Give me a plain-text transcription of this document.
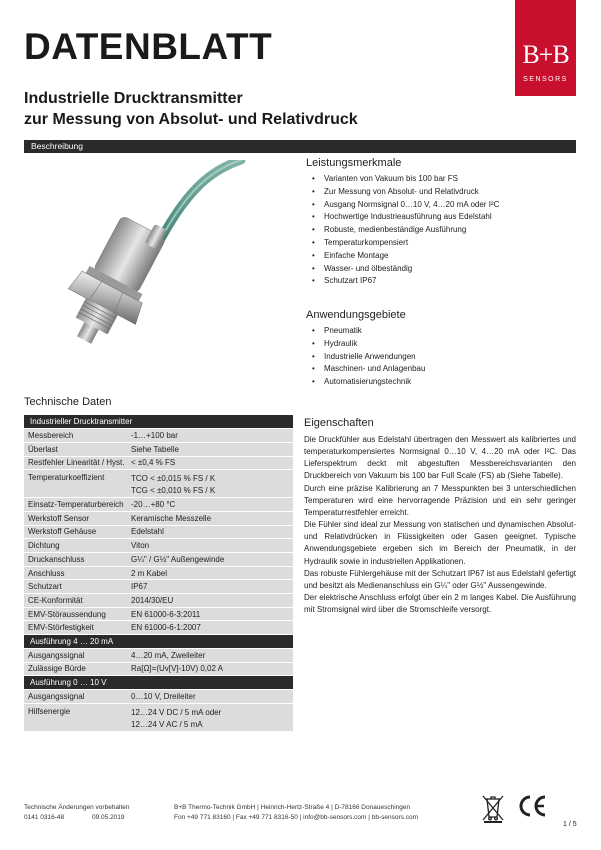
DATENBLATT	B+B
SENSORS
Industrielle Drucktransmitter
zur Messung von Absolut- und Relativdruck
Beschreibung
Leistungsmerkmale
• Varianten von Vakuum bis 100 bar FS
• Zur Messung von Absolut- und Relativdruck
• Ausgang Normsignal 0…10 V, 4…20 mA oder I²C
• Hochwertige Industrieausführung aus Edelstahl
• Robuste, medienbeständige Ausführung
• Temperaturkompensiert
• Einfache Montage
• Wasser- und ölbeständig
• Schutzart IP67
Anwendungsgebiete
• Pneumatik
• Hydraulik
• Industrielle Anwendungen
• Maschinen- und Anlagenbau
• Automatisierungstechnik
Technische Daten
Industrieller Drucktransmitter	
Messbereich	-1…+100 bar
Überlast	Siehe Tabelle
Restfehler Linearität / Hyst.	< ±0,4 % FS
Temperaturkoeffizient	TCO < ±0,015 % FS / K
TCG < ±0,010 % FS / K

Einsatz-Temperaturbereich	-20…+80 °C
Werkstoff Sensor	Keramische Messzelle
Werkstoff Gehäuse	Edelstahl
Dichtung	Viton
Druckanschluss	G¼" / G½" Außengewinde
Anschluss	2 m Kabel
Schutzart	IP67
CE-Konformität	2014/30/EU
EMV-Störaussendung	EN 61000-6-3:2011
EMV-Störfestigkeit	EN 61000-6-1:2007
Ausführung 4 … 20 mA	
Ausgangssignal	4…20 mA, Zweileiter
Zulässige Bürde	Ra[Ω]=(Uv[V]-10V) 0,02 A
Ausführung 0 … 10 V	
Ausgangssignal	0…10 V, Dreileiter
Hilfsenergie	12…24 V DC / 5 mA oder
12…24 V AC / 5 mA
Eigenschaften

Die Druckfühler aus Edelstahl übertragen den Messwert als kalibriertes und temperaturkompensiertes Normsignal 0…10 V, 4…20 mA oder I²C. Das Lieferspektrum deckt mit abgestuften Messbereichsvarianten den Druckbereich von Vakuum bis 100 bar Full Scale (FS) ab (Siehe Tabelle).

Durch eine präzise Kalibrierung an 7 Messpunkten bei 3 unterschiedlichen Temperaturen wird eine hervorragende Präzision und ein sehr geringer Temperaturrestfehler erreicht.

Die Fühler sind ideal zur Messung von statischen und dynamischen Absolut- und Relativdrücken in Flüssigkeiten oder Gasen geeignet. Typische Anwendungsgebiete ergeben sich im Bereich der Pneumatik, in der Hydraulik sowie in industriellen Applikationen.

Das robuste Fühlergehäuse mit der Schutzart IP67 ist aus Edelstahl gefertigt und besitzt als Medienanschluss ein G¼" oder G½" Aussengewinde.

Der elektrische Anschluss erfolgt über ein 2 m langes Kabel. Die Ausführung mit Stromsignal wird über die Stromschleife versorgt.

Technische Änderungen vorbehalten
0141 0316-48	09.05.2019
B+B Thermo-Technik GmbH | Heinrich-Hertz-Straße 4 | D-78166 Donaueschingen
Fon +49 771 83160 | Fax +49 771 8316-50 | info@bb-sensors.com | bb-sensors.com
1 / 5
